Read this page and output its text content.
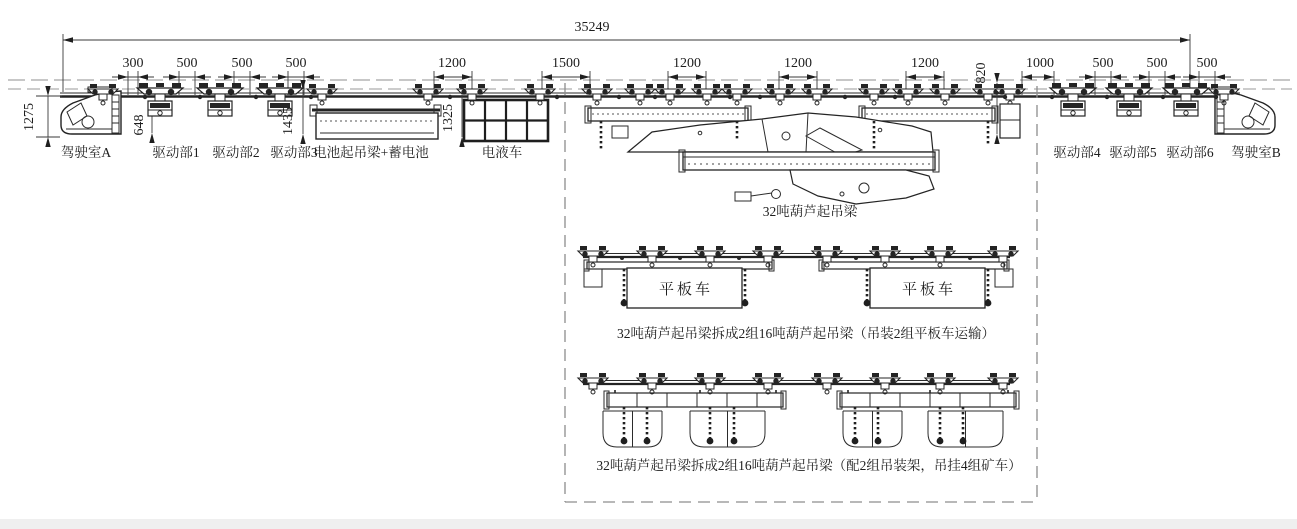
35249
300 500 500 500	1200	1500	1200	1200	1200	1000	500 500 500
820
1275	648	1435	1325
驾驶室A	驱动部1 驱动部2 驱动部3
电池起吊梁+蓄电池	电液车	驱动部4 驱动部5 驱动部6 驾驶室B
32吨葫芦起吊梁
平板车	平板车
32吨葫芦起吊梁拆成2组16吨葫芦起吊梁（吊装2组平板车运输）
32吨葫芦起吊梁拆成2组16吨葫芦起吊梁（配2组吊装架，吊挂4组矿车）
